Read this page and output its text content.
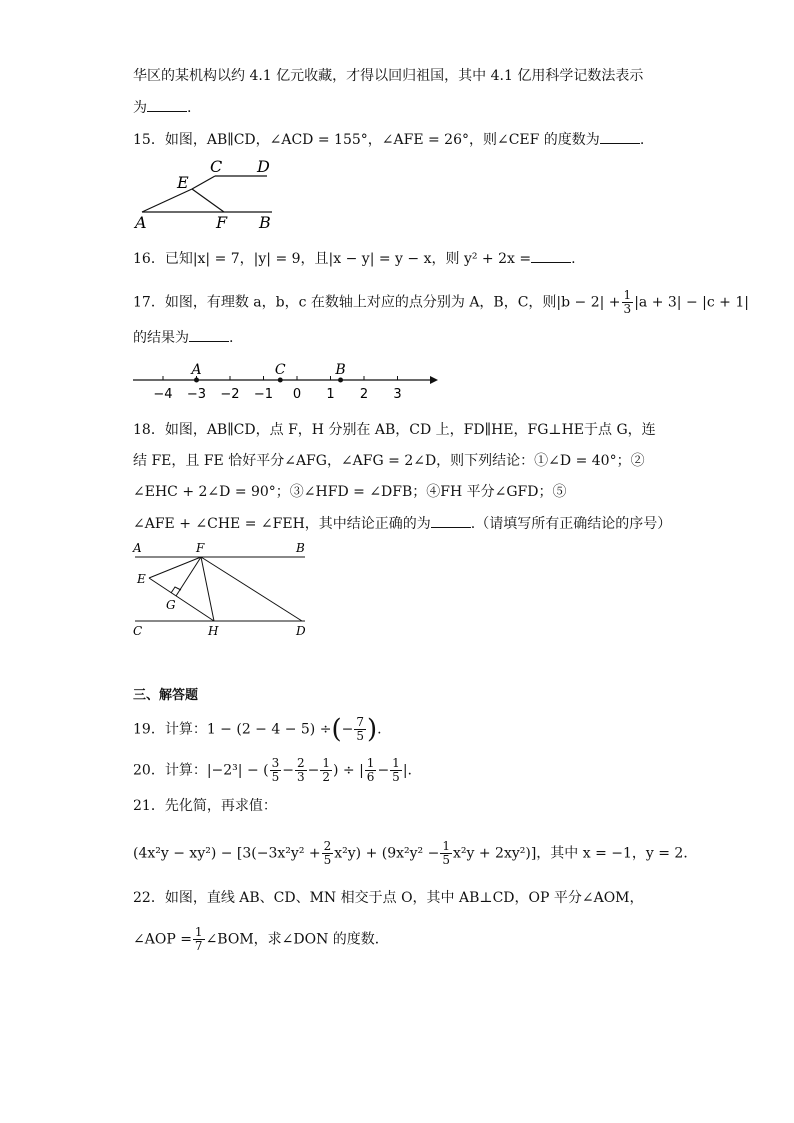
华区的某机构以约 4.1 亿元收藏，才得以回归祖国，其中 4.1 亿用科学记数法表示
为	.
15．如图，AB∥CD，∠ACD = 155°，∠AFE = 26°，则∠CEF 的度数为	.
A	B
C D
E
F
16．已知|x| = 7，|y| = 9，且|x − y| = y − x，则 y² + 2x =	.
17．如图，有理数 a，b，c 在数轴上对应的点分别为 A，B，C，则$|b - 2| + \frac{1}{3} |a + 3| - |c + 1|$
的结果为	.
−4 −3 −2 −1 0 1 2 3
A	C	B
18．如图，AB∥CD，点 F，H 分别在 AB，CD 上，FD∥HE，FG⊥HE于点 G，连
结 FE，且 FE 恰好平分∠AFG，∠AFG = 2∠D，则下列结论：①∠D = 40°；②
∠EHC + 2∠D = 90°；③∠HFD = ∠DFB；④FH 平分∠GFD；⑤
∠AFE + ∠CHE = ∠FEH，其中结论正确的为	.（请填写所有正确结论的序号）
A	F	B
E
G
C	H	D
三、解答题
19．计算：1 − (2 − 4 − 5) ÷(− $\frac{7}{5}$ ).
20．计算：|−2³| − ( $\frac{3}{5} - \frac{2}{3} - \frac{1}{2}$ ) ÷ | $\frac{1}{6} - \frac{1}{5}$ |.
21．先化简，再求值：
$(4x^2y - xy^2) - [3(-3x^2y^2 + \frac{2}{5} x^2y) + (9x^2y^2 - \frac{1}{5} x^2y + 2xy^2)]$，其中 x = −1，y = 2．
22．如图，直线 AB、CD、MN 相交于点 O，其中 AB⊥CD，OP 平分∠AOM，
∠AOP = $\frac{1}{7}$ ∠BOM，求∠DON 的度数．
